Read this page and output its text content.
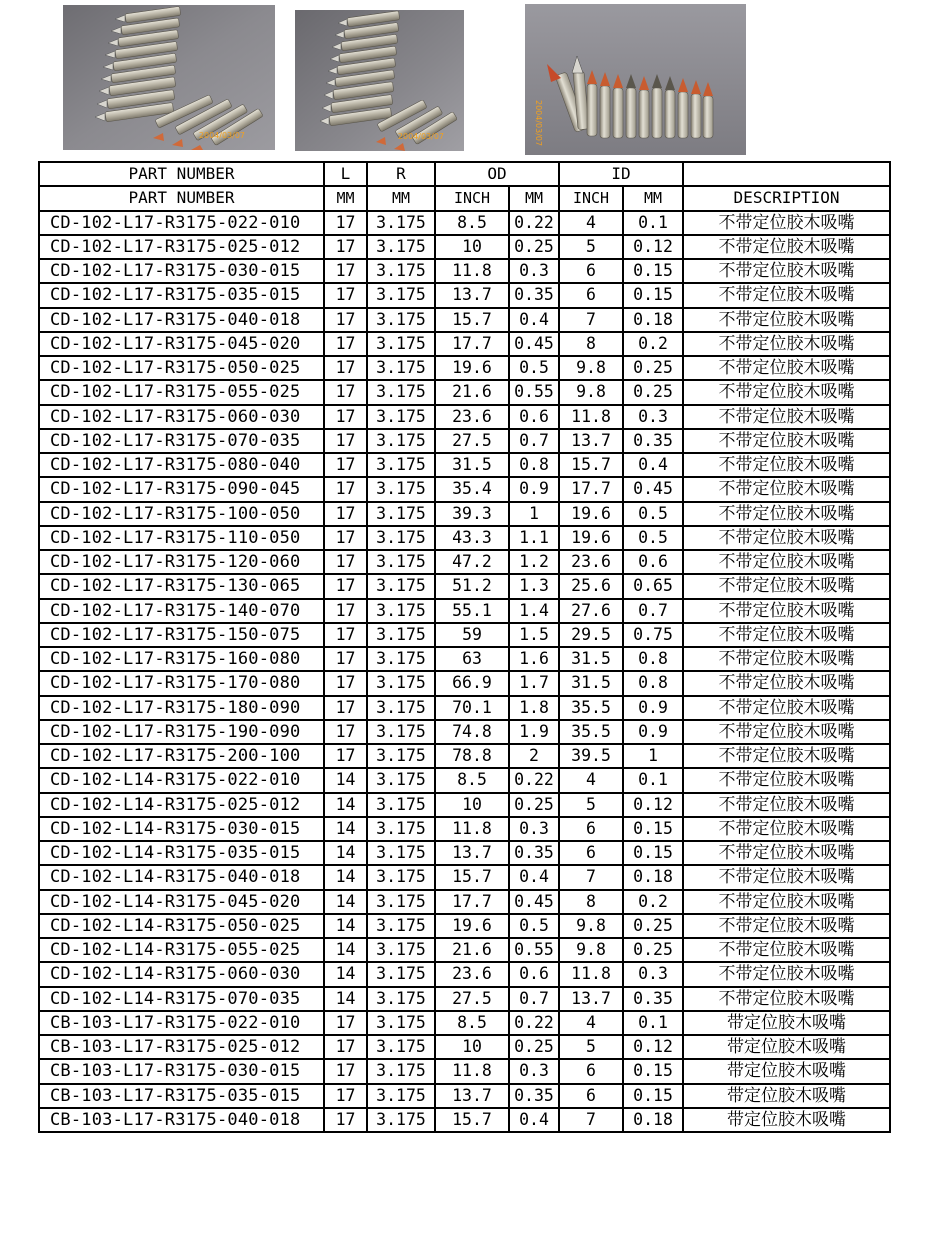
2004/03/07	2004/03/07	2004/03/07
PART NUMBER	L	R	OD		ID		
PART NUMBER	MM	MM	INCH	MM	INCH	MM	DESCRIPTION
CD-102-L17-R3175-022-010	17	3.175	8.5	0.22	4	0.1	不带定位胶木吸嘴
CD-102-L17-R3175-025-012	17	3.175	10	0.25	5	0.12	不带定位胶木吸嘴
CD-102-L17-R3175-030-015	17	3.175	11.8	0.3	6	0.15	不带定位胶木吸嘴
CD-102-L17-R3175-035-015	17	3.175	13.7	0.35	6	0.15	不带定位胶木吸嘴
CD-102-L17-R3175-040-018	17	3.175	15.7	0.4	7	0.18	不带定位胶木吸嘴
CD-102-L17-R3175-045-020	17	3.175	17.7	0.45	8	0.2	不带定位胶木吸嘴
CD-102-L17-R3175-050-025	17	3.175	19.6	0.5	9.8	0.25	不带定位胶木吸嘴
CD-102-L17-R3175-055-025	17	3.175	21.6	0.55	9.8	0.25	不带定位胶木吸嘴
CD-102-L17-R3175-060-030	17	3.175	23.6	0.6	11.8	0.3	不带定位胶木吸嘴
CD-102-L17-R3175-070-035	17	3.175	27.5	0.7	13.7	0.35	不带定位胶木吸嘴
CD-102-L17-R3175-080-040	17	3.175	31.5	0.8	15.7	0.4	不带定位胶木吸嘴
CD-102-L17-R3175-090-045	17	3.175	35.4	0.9	17.7	0.45	不带定位胶木吸嘴
CD-102-L17-R3175-100-050	17	3.175	39.3	1	19.6	0.5	不带定位胶木吸嘴
CD-102-L17-R3175-110-050	17	3.175	43.3	1.1	19.6	0.5	不带定位胶木吸嘴
CD-102-L17-R3175-120-060	17	3.175	47.2	1.2	23.6	0.6	不带定位胶木吸嘴
CD-102-L17-R3175-130-065	17	3.175	51.2	1.3	25.6	0.65	不带定位胶木吸嘴
CD-102-L17-R3175-140-070	17	3.175	55.1	1.4	27.6	0.7	不带定位胶木吸嘴
CD-102-L17-R3175-150-075	17	3.175	59	1.5	29.5	0.75	不带定位胶木吸嘴
CD-102-L17-R3175-160-080	17	3.175	63	1.6	31.5	0.8	不带定位胶木吸嘴
CD-102-L17-R3175-170-080	17	3.175	66.9	1.7	31.5	0.8	不带定位胶木吸嘴
CD-102-L17-R3175-180-090	17	3.175	70.1	1.8	35.5	0.9	不带定位胶木吸嘴
CD-102-L17-R3175-190-090	17	3.175	74.8	1.9	35.5	0.9	不带定位胶木吸嘴
CD-102-L17-R3175-200-100	17	3.175	78.8	2	39.5	1	不带定位胶木吸嘴
CD-102-L14-R3175-022-010	14	3.175	8.5	0.22	4	0.1	不带定位胶木吸嘴
CD-102-L14-R3175-025-012	14	3.175	10	0.25	5	0.12	不带定位胶木吸嘴
CD-102-L14-R3175-030-015	14	3.175	11.8	0.3	6	0.15	不带定位胶木吸嘴
CD-102-L14-R3175-035-015	14	3.175	13.7	0.35	6	0.15	不带定位胶木吸嘴
CD-102-L14-R3175-040-018	14	3.175	15.7	0.4	7	0.18	不带定位胶木吸嘴
CD-102-L14-R3175-045-020	14	3.175	17.7	0.45	8	0.2	不带定位胶木吸嘴
CD-102-L14-R3175-050-025	14	3.175	19.6	0.5	9.8	0.25	不带定位胶木吸嘴
CD-102-L14-R3175-055-025	14	3.175	21.6	0.55	9.8	0.25	不带定位胶木吸嘴
CD-102-L14-R3175-060-030	14	3.175	23.6	0.6	11.8	0.3	不带定位胶木吸嘴
CD-102-L14-R3175-070-035	14	3.175	27.5	0.7	13.7	0.35	不带定位胶木吸嘴
CB-103-L17-R3175-022-010	17	3.175	8.5	0.22	4	0.1	带定位胶木吸嘴
CB-103-L17-R3175-025-012	17	3.175	10	0.25	5	0.12	带定位胶木吸嘴
CB-103-L17-R3175-030-015	17	3.175	11.8	0.3	6	0.15	带定位胶木吸嘴
CB-103-L17-R3175-035-015	17	3.175	13.7	0.35	6	0.15	带定位胶木吸嘴
CB-103-L17-R3175-040-018	17	3.175	15.7	0.4	7	0.18	带定位胶木吸嘴
